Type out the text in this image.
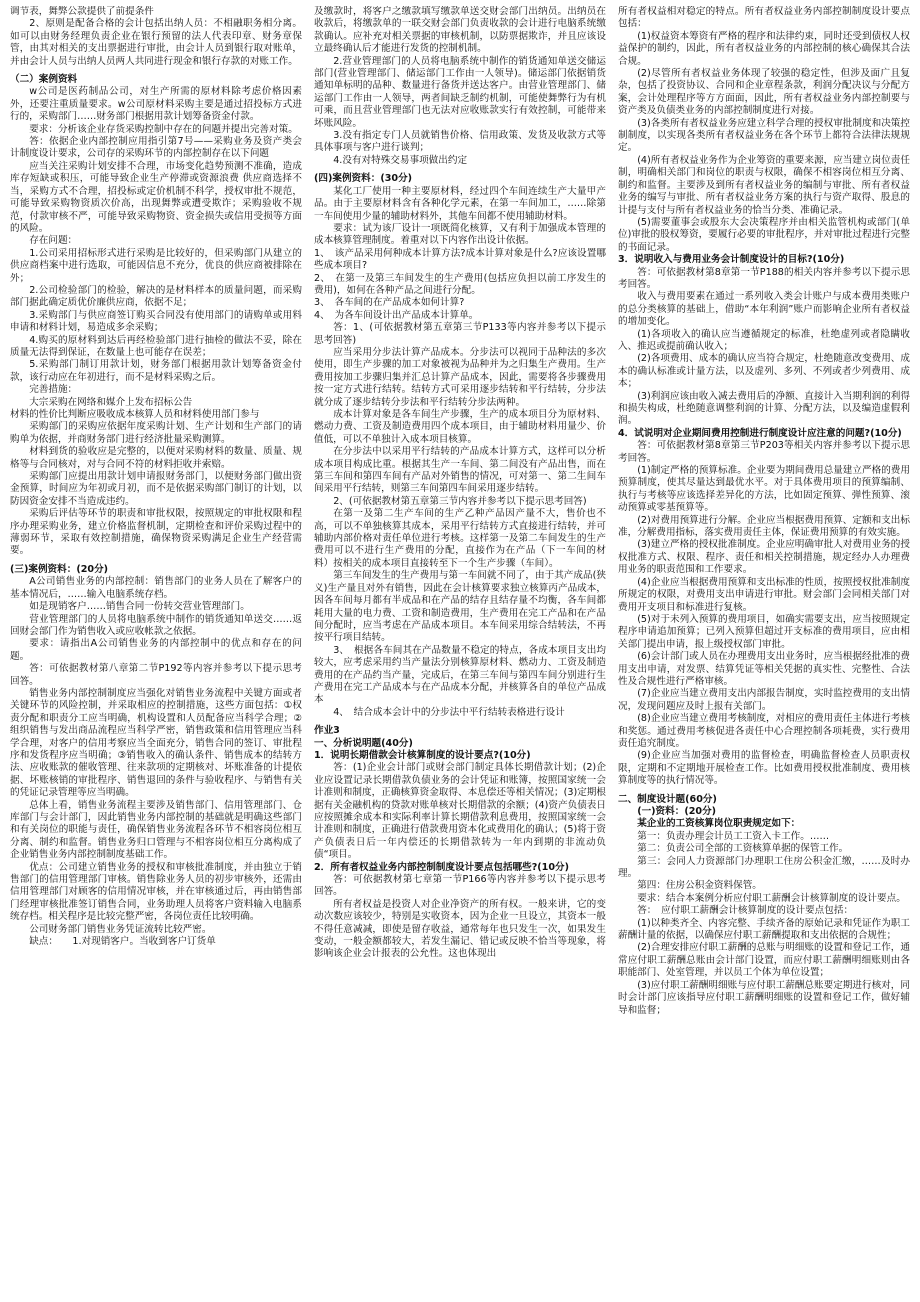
调节表，舞弊公款提供了前提条件

2、原则是配备合格的会计包括出纳人员：不相融职务相分离。如可以由财务经理负责企业在银行预留的法人代表印章、财务章保管，由其对相关的支出票据进行审批，由会计人员到银行取对账单，并由会计人员与出纳人员两人共同进行现金和银行存款的对账工作。

（二）案例资料

w公司是医药制品公司，对生产所需的原材料除考虑价格因素外，还要注重质量要求。w公司原材料采购主要是通过招投标方式进行的，采购部门……财务部门根据用款计划筹备资金付款。

要求：分析该企业存货采购控制中存在的问题并提出完善对策。

答：依据企业内部控制应用指引第7号——采购业务及资产类会计制度设计要求，公司存的采购环节的内部控制存在以下问题

应当关注采购计划安排不合理，市场变化趋势预测不准确，造成库存短缺或积压，可能导致企业生产停滞或资源浪费 供应商选择不当，采购方式不合理，招投标或定价机制不科学，授权审批不规范，可能导致采购物资质次价高，出现舞弊或遭受欺诈；采购验收不规范，付款审核不严，可能导致采购物资、资金损失或信用受损等方面的风险。

存在问题：

1.公司采用招标形式进行采购是比较好的，但采购部门从建立的供应商档案中进行选取，可能因信息不充分，优良的供应商被排除在外；

2.公司检验部门的检验，解决的是材料样本的质量问题，而采购部门据此确定质优价廉供应商，依据不足；

3.采购部门与供应商签订购买合同没有使用部门的请购单或用料申请和材料计划，易造成多余采购；

4.购买的原材料到达后再经检验部门进行抽检的做法不妥，除在质量无法得到保证，在数量上也可能存在误差；

5.采购部门制订用款计划，财务部门根据用款计划筹备资金付款，该行动应在年初进行，而不是材料采购之后。

完善措施：

大宗采购在网络和媒介上发布招标公告

材料的性价比判断应吸收成本核算人员和材料使用部门参与

采购部门的采购应依据年度采购计划、生产计划和生产部门的请购单为依据，并商财务部门进行经济批量采购测算。

材料到货的验收应是完整的，以便对采购材料的数量、质量、规格等与合同核对，对与合同不符的材料拒收并索赔。

采购部门应提出用款计划申请报财务部门，以便财务部门做出资金预算，时间应为年初或月初，而不是依据采购部门制订的计划，以防因资金安排不当造成违约。

采购后评估等环节的职责和审批权限，按照规定的审批权限和程序办理采购业务，建立价格监督机制，定期检查和评价采购过程中的薄弱环节，采取有效控制措施，确保物资采购满足企业生产经营需要。

(三)案例资料：(20分)

A公司销售业务的内部控制：销售部门的业务人员在了解客户的基本情况后，……输入电脑系统存档。

如是现销客户……销售合同一份转交营业管理部门。

营业管理部门的人员将电脑系统中制作的销货通知单送交……返回财会部门作为销售收入或应收帐款之依据。

要求：请指出A公司销售业务的内部控制中的优点和存在的问题。

答：可依据教材第八章第二节P192等内容并参考以下提示思考回答。

销售业务内部控制制度应当强化对销售业务流程中关键方面或者关键环节的风险控制，并采取相应的控制措施，这些方面包括：①权责分配和职责分工应当明确，机构设置和人员配备应当科学合理；②组织销售与发出商品流程应当科学严密，销售政策和信用管理应当科学合理，对客户的信用考察应当全面充分，销售合同的签订、审批程序和发货程序应当明确；③销售收入的确认条件、销售成本的结转方法、应收账款的催收管理、往来款项的定期核对、坏账准备的计提依据、坏账核销的审批程序、销售退回的条件与验收程序、与销售有关的凭证记录管理等应当明确。

总体上看，销售业务流程主要涉及销售部门、信用管理部门、仓库部门与会计部门，因此销售业务内部控制的基础就是明确这些部门和有关岗位的职能与责任，确保销售业务流程各环节不相容岗位相互分离、制约和监督。销售业务归口管理与不相容岗位相互分离构成了企业销售业务内部控制制度基础工作。

优点：公司建立销售业务的授权和审核批准制度，并由独立于销售部门的信用管理部门审核。销售除业务人员的初步审核外，还需由信用管理部门对顾客的信用情况审核，并在审核通过后，再由销售部门经理审核批准签订销售合同，业务助理人员将客户资料输入电脑系统存档。相关程序是比较完整严密，各岗位责任比较明确。

公司财务部门销售业务凭证流转比较严密。

缺点：　　1.对现销客户。当收到客户订货单

及缴款时，将客户之缴款填写缴款单送交财会部门出纳员。出纳员在收款后，将缴款单的一联交财会部门负责收款的会计进行电脑系统缴款确认。应补充对相关票据的审核机制，以防票据欺诈，并且应该设立最终确认后才能进行发货的控制机制。

2.营业管理部门的人员将电脑系统中制作的销货通知单送交储运部门(营业管理部门、储运部门工作由一人领导)。储运部门依据销货通知单标明的品种、数量进行备货并送达客户。由营业管理部门、储运部门工作由一人领导，两者间缺乏制约机制，可能使舞弊行为有机可乘，而且营业管理部门也无法对应收账款实行有效控制，可能带来坏账风险。

3.没有指定专门人员就销售价格、信用政策、发货及收款方式等具体事项与客户进行谈判；

4.没有对特殊交易事项做出约定

(四)案例资料：(30分)

某化工厂使用一种主要原材料，经过四个车间连续生产大量甲产品。由于主要原材料含有各种化学元素，在第一车间加工，……除第一车间使用少量的辅助材料外，其他车间都不使用辅助材料。

要求：试为该厂设计一项既简化核算，又有利于加强成本管理的成本核算管理制度。着重对以下内容作出设计依据。

1、　该产品采用何种成本计算方法?成本计算对象是什么?应该设置哪些成本项目?

2、　在第一及第三车间发生的生产费用(包括应负担以前工序发生的费用)，如何在各种产品之间进行分配。

3、　各车间的在产品成本如何计算?

4、　为各车间设计出产品成本计算单。

答：1、(可依据教材第五章第三节P133等内容并参考以下提示思考回答)

应当采用分步法计算产品成本。分步法可以视同于品种法的多次使用，即生产步骤的加工对象被视为品种并为之归集生产费用。生产费用按加工步骤归集并汇总计算产品成本，因此，需要将各步骤费用按一定方式进行结转。结转方式可采用逐步结转和平行结转，分步法就分成了逐步结转分步法和平行结转分步法两种。

成本计算对象是各车间生产步骤，生产的成本项目分为原材料、燃动力费、工资及制造费用四个成本项目，由于辅助材料用量少、价值低，可以不单独计入成本项目核算。

在分步法中以采用平行结转的产品成本计算方式，这样可以分析成本项目构成比重。根据其生产一车间、第二间没有产品出售，而在第三车间和第四车间有产品对外销售的情况，可对第一、第二生间车间采用平行结转，则第三车间第四车间采用逐步结转。

2、(可依据教材第五章第三节内容并参考以下提示思考回答)

在第一及第二生产车间的生产乙种产品因产量不大，售价也不高，可以不单独核算其成本，采用平行结转方式直接进行结转，并可辅助内部价格对责任单位进行考核。这样第一及第二车间发生的生产费用可以不进行生产费用的分配，直接作为在产品（下一车间的材料）按相关的成本项目直接转至下一个生产步骤（车间）。

第三车间发生的生产费用与第一车间就不同了，由于其产成品(狭义)生产量且对外有销售，因此在会计核算要求独立核算丙产品成本，因各车间每月都有半成品和在产品的结存且结存量不均衡，各车间都耗用大量的电力费、工资和制造费用，生产费用在完工产品和在产品间分配时，应当考虑在产品成本项目。本车间采用综合结转法，不再按平行项目结转。

3、　根据各车间其在产品数量不稳定的特点，各成本项目支出均较大，应考虑采用约当产量法分别核算原材料、燃动力、工资及制造费用的在产品约当产量，完成后，在第三车间与第四车间分别进行生产费用在完工产品成本与在产品成本分配，并核算各自的单位产品成本

4、　结合成本会计中的分步法中平行结转表格进行设计

作业3

一、分析说明题(40分)

1．说明长期借款会计核算制度的设计要点?(10分)

答：(1)企业会计部门或财会部门制定具体长期借款计划；(2)企业应设置记录长期借款负债业务的会计凭证和账簿，按照国家统一会计准则和制度，正确核算资金取得、本息偿还等相关情况；(3)定期根据有关金融机构的贷款对账单核对长期借款的余额；(4)资产负债表日应按照摊余成本和实际利率计算长期借款利息费用，按照国家统一会计准则和制度，正确进行借款费用资本化或费用化的确认；(5)将于资产负债表日后一年内偿还的长期借款转为一年内到期的非流动负债“项目。

2．所有者权益业务内部控制制度设计要点包括哪些?(10分)

答：可依据教材第七章第一节P166等内容并参考以下提示思考回答。

所有者权益是投资人对企业净资产的所有权。一般来讲，它的变动次数应该较少，特别是实收资本，因为企业一旦设立，其资本一般不得任意减减，即使是留存收益，通常每年也只发生一次，如果发生变动，一般金额都较大，若发生漏记、错记或反映不恰当等现象，将影响该企业会计报表的公允性。这也体现出

所有者权益相对稳定的特点。所有者权益业务内部控制制度设计要点包括：

(1)权益资本筹资有严格的程序和法律约束，同时还受到债权人权益保护的制约，因此，所有者权益业务的内部控制的核心确保其合法合规。

(2)尽管所有者权益业务体现了较强的稳定性，但涉及面广且复杂，包括了投资协议、合同和企业章程条款，利润分配决议与分配方案，会计处理程序等方方面面，因此，所有者权益业务内部控制要与资产类及负债类业务的内部控制制度进行对接。

(3)各类所有者权益业务应建立科学合理的授权审批制度和决策控制制度，以实现各类所有者权益业务在各个环节上都符合法律法规规定。

(4)所有者权益业务作为企业筹资的重要来源，应当建立岗位责任制，明确相关部门和岗位的职责与权限，确保不相容岗位相互分离、制约和监督。主要涉及到所有者权益业务的编制与审批、所有者权益业务的编写与审批、所有者权益业务方案的执行与资产取得、股息的计提与支付与所有者权益业务的恰当分类、准确记录。

(5)需要董事会或股东大会决策程序并由相关监管机构或部门(单位)审批的股权筹资，要履行必要的审批程序，并对审批过程进行完整的书面记录。

3．说明收入与费用业务会计制度设计的目标?(10分)

答：可依据教材第8章第一节P188的相关内容并参考以下提示思考回答。

收入与费用要素在通过一系列收入类会计账户与成本费用类账户的总分类核算的基础上，借助“本年利润”账户而影响企业所有者权益的增加变化。

(1)各项收入的确认应当遵循规定的标准，杜绝虚列或者隐瞒收入、推迟或提前确认收入；

(2)各项费用、成本的确认应当符合规定，杜绝随意改变费用、成本的确认标准或计量方法，以及虚列、多列、不列或者少列费用、成本；

(3)利润应该由收入减去费用后的净额、直接计入当期利润的利得和损失构成，杜绝随意调整利润的计算、分配方法，以及编造虚假利润。

4．试说明对企业期间费用控制进行制度设计应注意的问题?(10分)

答：可依据教材第8章第三节P203等相关内容并参考以下提示思考回答。

(1)制定严格的预算标准。企业要为期间费用总量建立严格的费用预算制度，使其尽量达到最优水平。对于具体费用项目的预算编制、执行与考核等应该选择差异化的方法，比如固定预算、弹性预算、滚动预算或零基预算等。

(2)对费用预算进行分解。企业应当根据费用预算、定额和支出标准，分解费用指标，落实费用责任主体，保证费用预算的有效实施。

(3)建立严格的授权批准制度。企业应明确审批人对费用业务的授权批准方式、权限、程序、责任和相关控制措施，规定经办人办理费用业务的职责范围和工作要求。

(4)企业应当根据费用预算和支出标准的性质，按照授权批准制度所规定的权限，对费用支出申请进行审批。财会部门会同相关部门对费用开支项目和标准进行复核。

(5)对于未列入预算的费用项目，如确实需要支出，应当按照规定程序申请追加预算；已列入预算但超过开支标准的费用项目，应由相关部门提出申请，报上级授权部门审批。

(6)会计部门或人员在办理费用支出业务时，应当根据经批准的费用支出申请，对发票、结算凭证等相关凭据的真实性、完整性、合法性及合规性进行严格审核。

(7)企业应当建立费用支出内部报告制度，实时监控费用的支出情况，发现问题应及时上报有关部门。

(8)企业应当建立费用考核制度，对相应的费用责任主体进行考核和奖惩。通过费用考核促进各责任中心合理控制各项耗费，实行费用责任追究制度。

(9)企业应当加强对费用的监督检查，明确监督检查人员职责权限，定期和不定期地开展检查工作。比如费用授权批准制度、费用核算制度等的执行情况等。

二、制度设计题(60分)

(一)资料：(20分)

某企业的工资核算岗位职责规定如下：

第一：负责办理会计员工工资入卡工作。……

第二：负责公司全部的工资核算单据的保管工作。

第三：会同人力资源部门办理职工住房公积金汇缴，……及时办理。

第四：住房公积金资料保管。

要求：结合本案例分析应付职工薪酬会计核算制度的设计要点。

答：　应付职工薪酬会计核算制度的设计要点包括：

(1)以种类齐全、内容完整、手续齐备的原始记录和凭证作为职工薪酬计量的依据，以确保应付职工薪酬提取和支出依据的合规性；

(2)合理安排应付职工薪酬的总账与明细账的设置和登记工作，通常应付职工薪酬总账由会计部门设置，而应付职工薪酬明细账则由各职能部门、处室管理，并以员工个体为单位设置；

(3)应付职工薪酬明细账与应付职工薪酬总账要定期进行核对，同时会计部门应该指导应付职工薪酬明细账的设置和登记工作，做好辅导和监督；
